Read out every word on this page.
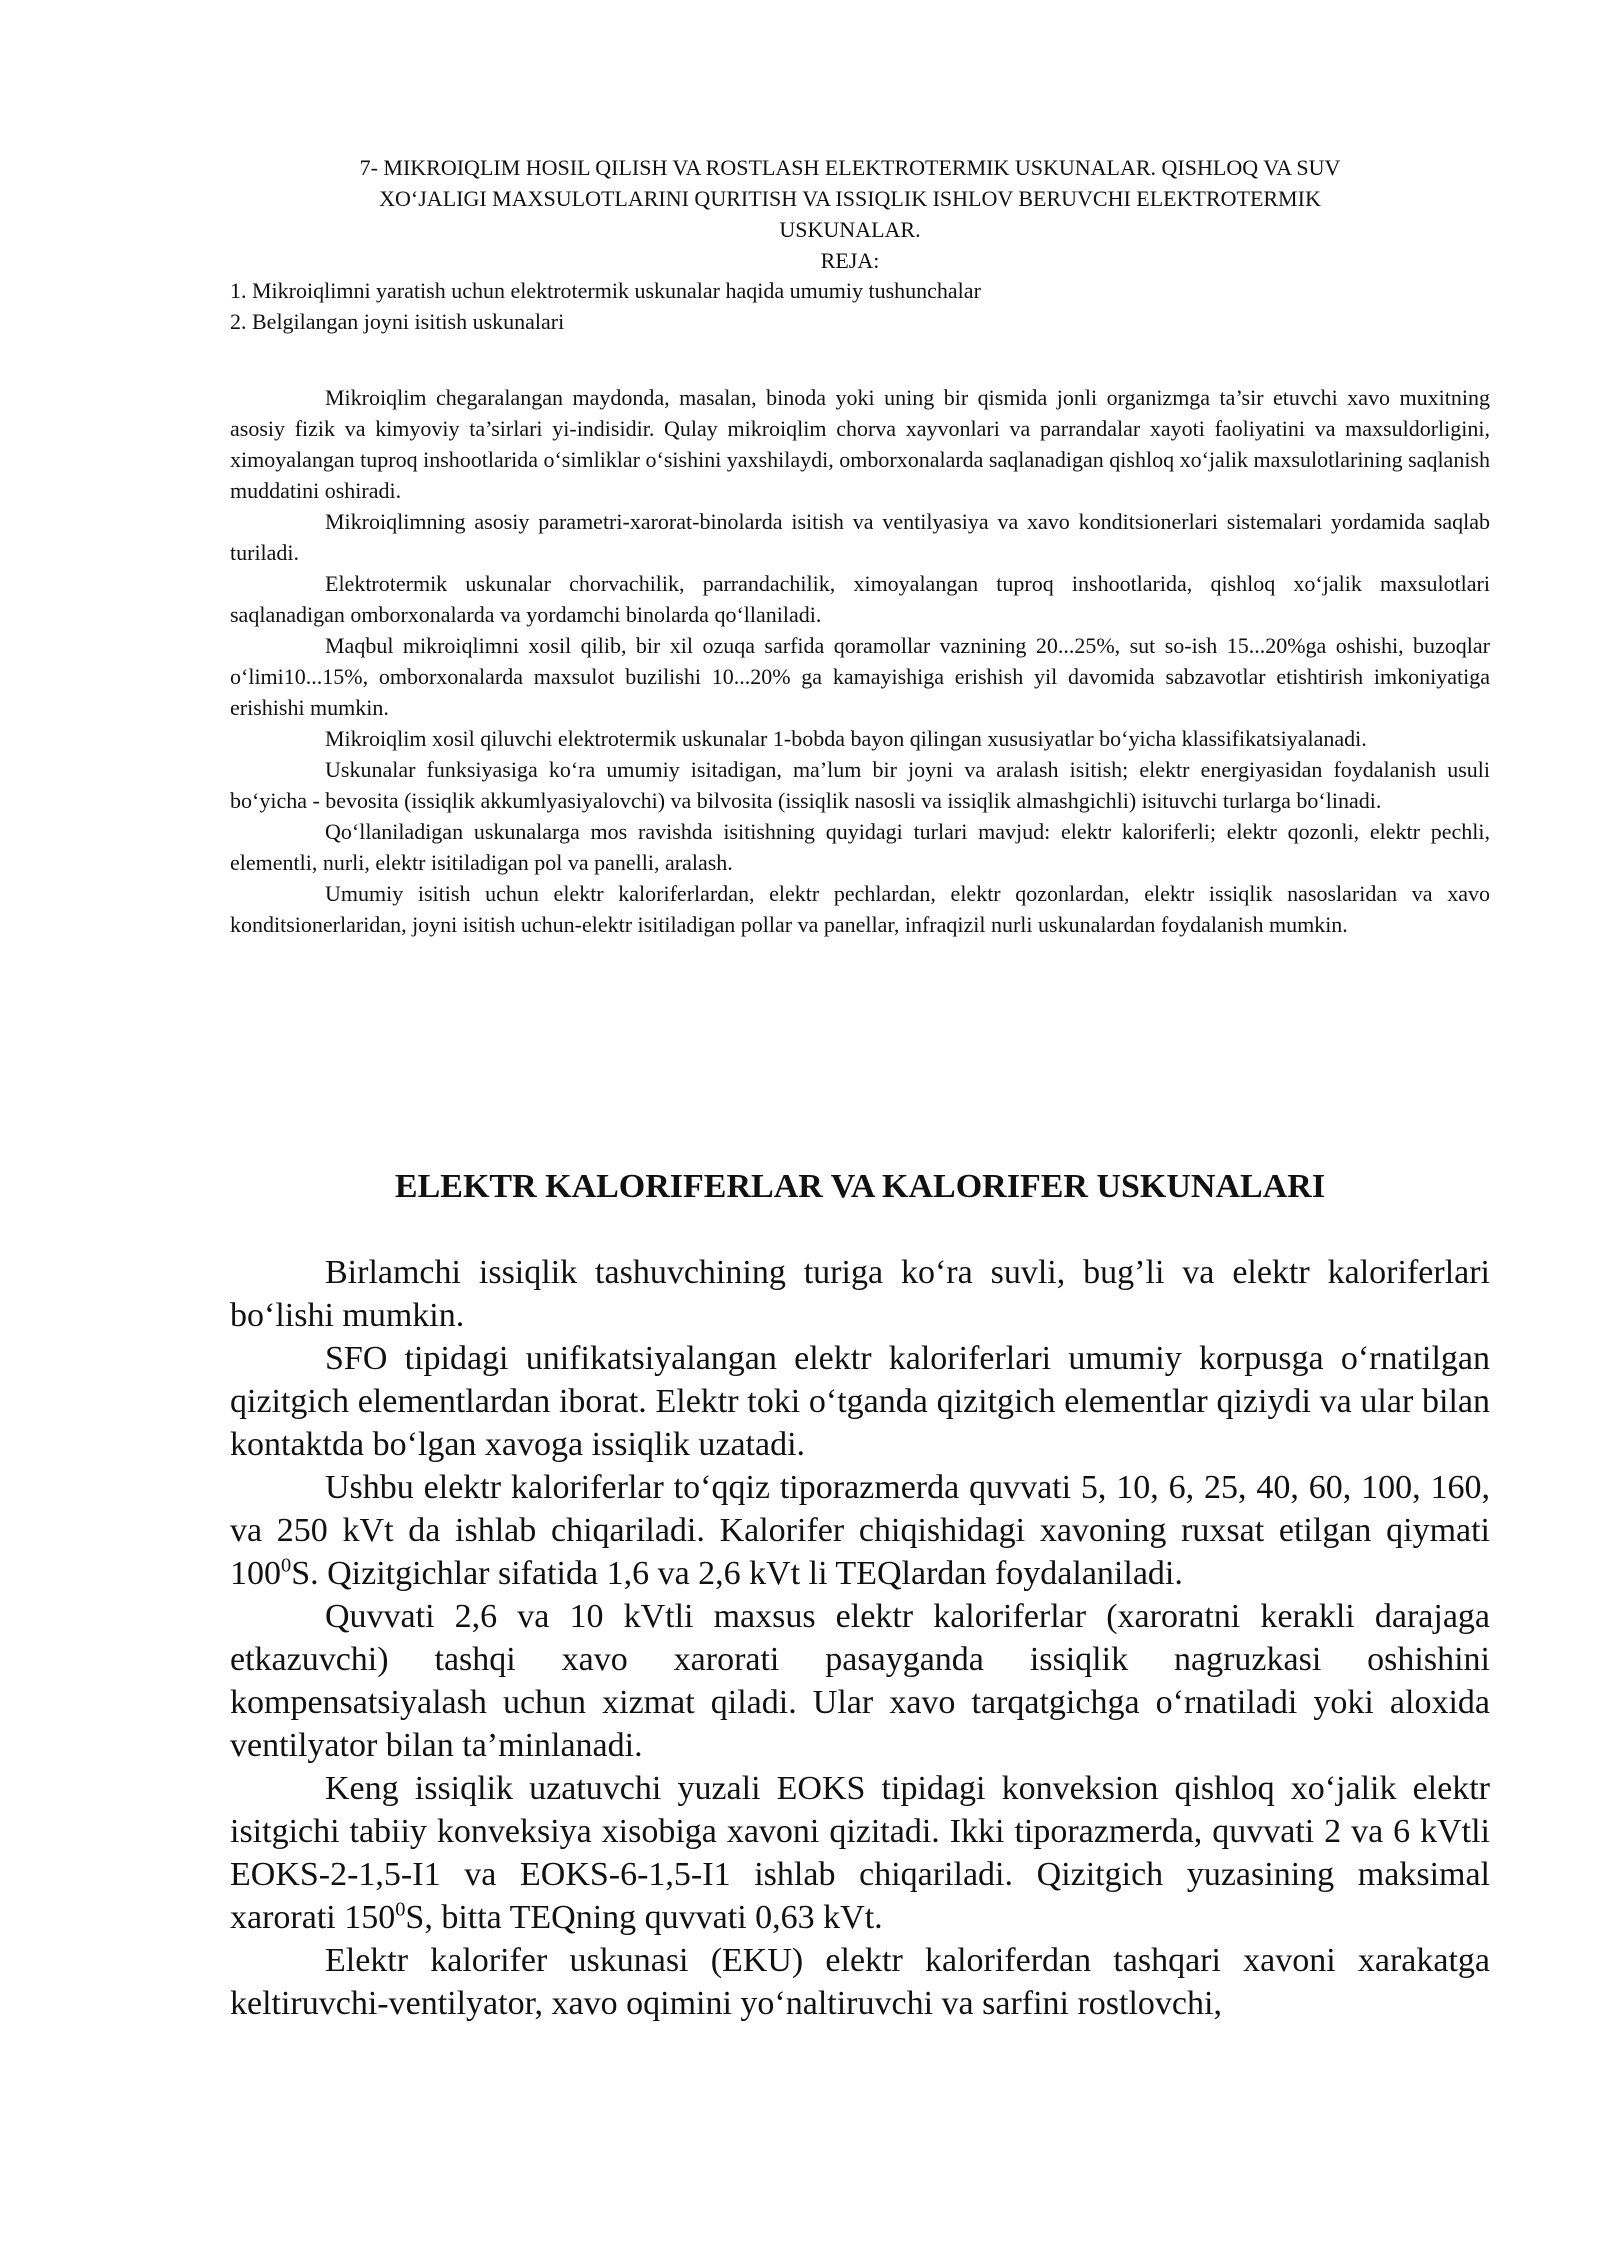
7- MIKROIQLIM HOSIL QILISH VA ROSTLASH ELEKTROTERMIK USKUNALAR. QISHLOQ VA SUV
XO‘JALIGI MAXSULOTLARINI QURITISH VA ISSIQLIK ISHLOV BERUVCHI ELEKTROTERMIK
USKUNALAR.
REJA:
1. Mikroiqlimni yaratish uchun elektrotermik uskunalar haqida umumiy tushunchalar
2. Belgilangan joyni isitish uskunalari

Mikroiqlim chegaralangan maydonda, masalan, binoda yoki uning bir qismida jonli organizmga ta’sir etuvchi xavo muxitning asosiy fizik va kimyoviy ta’sirlari yi-indisidir. Qulay mikroiqlim chorva xayvonlari va parrandalar xayoti faoliyatini va maxsuldorligini, ximoyalangan tuproq inshootlarida o‘simliklar o‘sishini yaxshilaydi, omborxonalarda saqlanadigan qishloq xo‘jalik maxsulotlarining saqlanish muddatini oshiradi.

Mikroiqlimning asosiy parametri-xarorat-binolarda isitish va ventilyasiya va xavo konditsionerlari sistemalari yordamida saqlab turiladi.

Elektrotermik uskunalar chorvachilik, parrandachilik, ximoyalangan tuproq inshootlarida, qishloq xo‘jalik maxsulotlari saqlanadigan omborxonalarda va yordamchi binolarda qo‘llaniladi.

Maqbul mikroiqlimni xosil qilib, bir xil ozuqa sarfida qoramollar vaznining 20...25%, sut so-ish 15...20%ga oshishi, buzoqlar o‘limi10...15%, omborxonalarda maxsulot buzilishi 10...20% ga kamayishiga erishish yil davomida sabzavotlar etishtirish imkoniyatiga erishishi mumkin.

Mikroiqlim xosil qiluvchi elektrotermik uskunalar 1-bobda bayon qilingan xususiyatlar bo‘yicha klassifikatsiyalanadi.

Uskunalar funksiyasiga ko‘ra umumiy isitadigan, ma’lum bir joyni va aralash isitish; elektr energiyasidan foydalanish usuli bo‘yicha - bevosita (issiqlik akkumlyasiyalovchi) va bilvosita (issiqlik nasosli va issiqlik almashgichli) isituvchi turlarga bo‘linadi.

Qo‘llaniladigan uskunalarga mos ravishda isitishning quyidagi turlari mavjud: elektr kaloriferli; elektr qozonli, elektr pechli, elementli, nurli, elektr isitiladigan pol va panelli, aralash.

Umumiy isitish uchun elektr kaloriferlardan, elektr pechlardan, elektr qozonlardan, elektr issiqlik nasoslaridan va xavo konditsionerlaridan, joyni isitish uchun-elektr isitiladigan pollar va panellar, infraqizil nurli uskunalardan foydalanish mumkin.

ELEKTR KALORIFERLAR VA KALORIFER USKUNALARI

Birlamchi issiqlik tashuvchining turiga ko‘ra suvli, bug’li va elektr kaloriferlari bo‘lishi mumkin.

SFO tipidagi unifikatsiyalangan elektr kaloriferlari umumiy korpusga o‘rnatilgan qizitgich elementlardan iborat. Elektr toki o‘tganda qizitgich elementlar qiziydi va ular bilan kontaktda bo‘lgan xavoga issiqlik uzatadi.

Ushbu elektr kaloriferlar to‘qqiz tiporazmerda quvvati 5, 10, 6, 25, 40, 60, 100, 160, va 250 kVt da ishlab chiqariladi. Kalorifer chiqishidagi xavoning ruxsat etilgan qiymati $100^0S$. Qizitgichlar sifatida 1,6 va 2,6 kVt li TEQlardan foydalaniladi.

Quvvati 2,6 va 10 kVtli maxsus elektr kaloriferlar (xaroratni kerakli darajaga etkazuvchi) tashqi xavo xarorati pasayganda issiqlik nagruzkasi oshishini kompensatsiyalash uchun xizmat qiladi. Ular xavo tarqatgichga o‘rnatiladi yoki aloxida ventilyator bilan ta’minlanadi.

Keng issiqlik uzatuvchi yuzali EOKS tipidagi konveksion qishloq xo‘jalik elektr isitgichi tabiiy konveksiya xisobiga xavoni qizitadi. Ikki tiporazmerda, quvvati 2 va 6 kVtli EOKS-2-1,5-I1 va EOKS-6-1,5-I1 ishlab chiqariladi. Qizitgich yuzasining maksimal xarorati $150^0S$, bitta TEQning quvvati 0,63 kVt.

Elektr kalorifer uskunasi (EKU) elektr kaloriferdan tashqari xavoni xarakatga keltiruvchi-ventilyator, xavo oqimini yo‘naltiruvchi va sarfini rostlovchi,
